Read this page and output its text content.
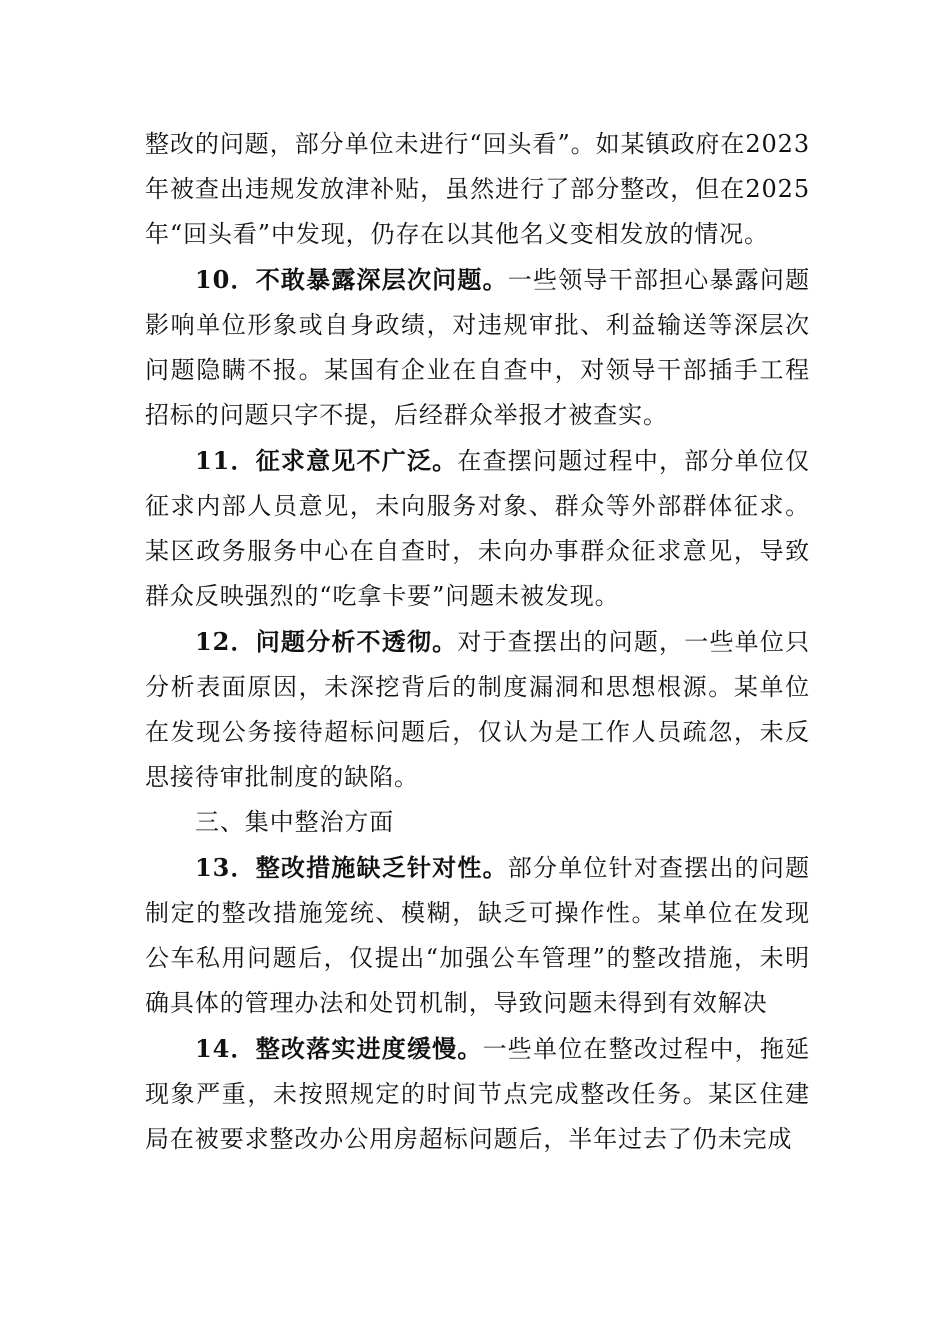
整改的问题，部分单位未进行“回头看”。如某镇政府在2023年被查出违规发放津补贴，虽然进行了部分整改，但在2025年“回头看”中发现，仍存在以其他名义变相发放的情况。

10．不敢暴露深层次问题。一些领导干部担心暴露问题影响单位形象或自身政绩，对违规审批、利益输送等深层次问题隐瞒不报。某国有企业在自查中，对领导干部插手工程招标的问题只字不提，后经群众举报才被查实。

11．征求意见不广泛。在查摆问题过程中，部分单位仅征求内部人员意见，未向服务对象、群众等外部群体征求。某区政务服务中心在自查时，未向办事群众征求意见，导致群众反映强烈的“吃拿卡要”问题未被发现。

12．问题分析不透彻。对于查摆出的问题，一些单位只分析表面原因，未深挖背后的制度漏洞和思想根源。某单位在发现公务接待超标问题后，仅认为是工作人员疏忽，未反思接待审批制度的缺陷。

三、集中整治方面

13．整改措施缺乏针对性。部分单位针对查摆出的问题制定的整改措施笼统、模糊，缺乏可操作性。某单位在发现公车私用问题后，仅提出“加强公车管理”的整改措施，未明确具体的管理办法和处罚机制，导致问题未得到有效解决

14．整改落实进度缓慢。一些单位在整改过程中，拖延现象严重，未按照规定的时间节点完成整改任务。某区住建局在被要求整改办公用房超标问题后，半年过去了仍未完成
